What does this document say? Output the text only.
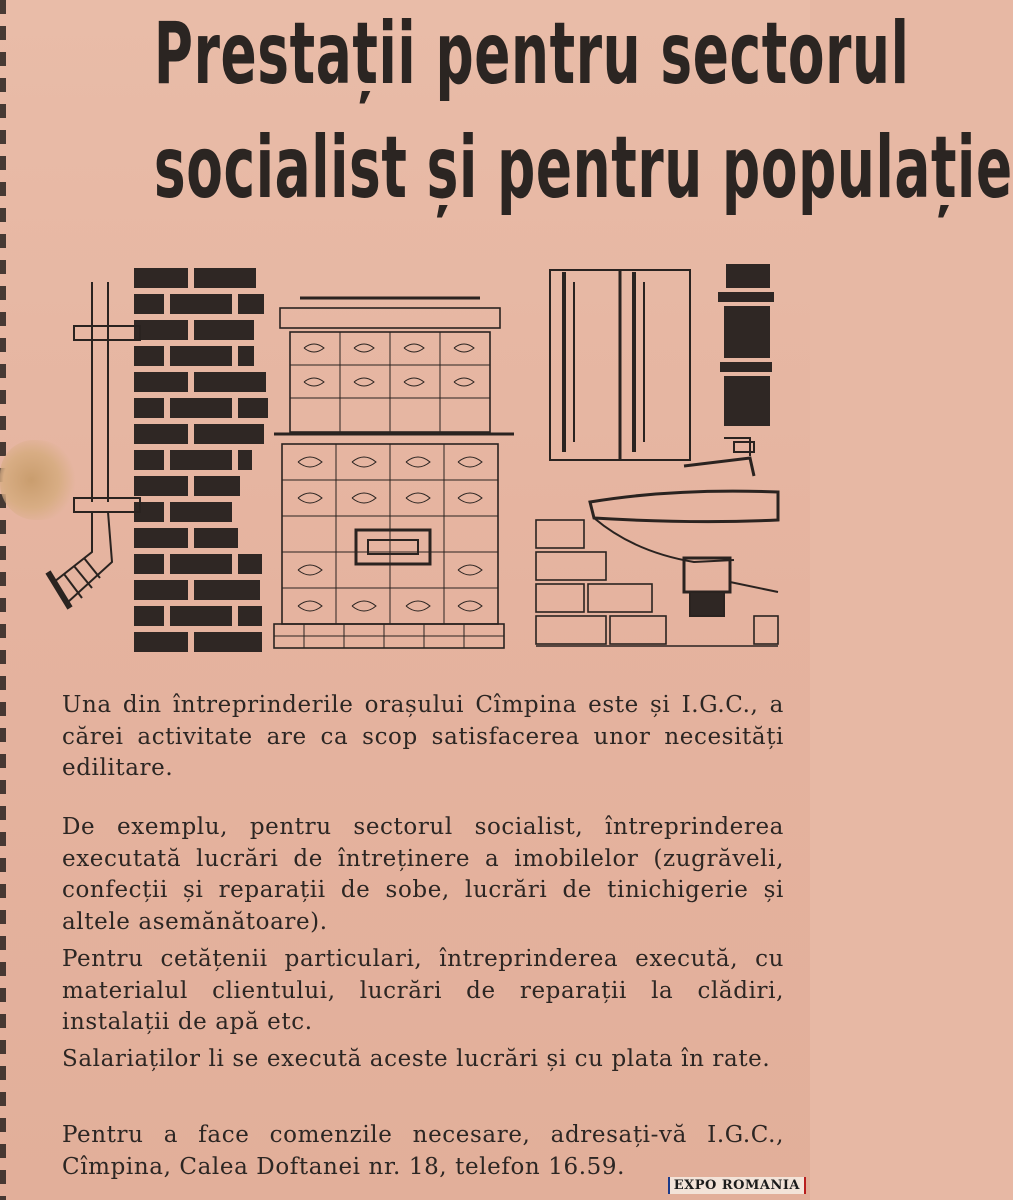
Prestații pentru sectorul
socialist și pentru populație
Una din întreprinderile orașului Cîmpina este și I.G.C., a cărei activitate are ca scop satisfacerea unor necesități edilitare.
De exemplu, pentru sectorul socialist, întreprinderea executată lucrări de întreținere a imobilelor (zugrăveli, confecții și reparații de sobe, lucrări de tinichigerie și altele asemănătoare).
Pentru cetățenii particulari, întreprinderea execută, cu materialul clientului, lucrări de reparații la clădiri, instalații de apă etc.
Salariaților li se execută aceste lucrări și cu plata în rate.
Pentru a face comenzile necesare, adresați-vă I.G.C., Cîmpina, Calea Doftanei nr. 18, telefon 16.59.
EXPO ROMANIA
